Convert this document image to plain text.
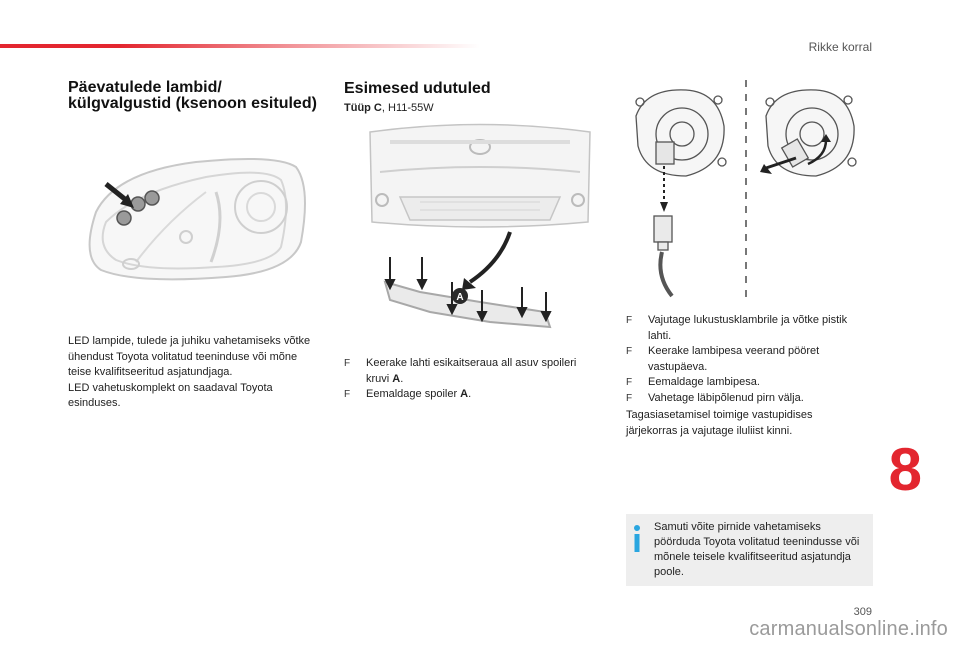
Rikke korral
8
309
Päevatulede lambid/ külgvalgustid (ksenoon esituled)

LED lampide, tulede ja juhiku vahetamiseks võtke ühendust Toyota volitatud teeninduse või mõne teise kvalifitseeritud asjatundjaga.

LED vahetuskomplekt on saadaval Toyota esinduses.

Esimesed udutuled
Tüüp C, H11-55W
A
F Keerake lahti esikaitseraua all asuv spoileri kruvi A.
F Eemaldage spoiler A.
F Vajutage lukustusklambrile ja võtke pistik lahti.
F Keerake lambipesa veerand pööret vastupäeva.
F Eemaldage lambipesa.
F Vahetage läbipõlenud pirn välja.
Tagasiasetamisel toimige vastupidises järjekorras ja vajutage iluliist kinni.
Samuti võite pirnide vahetamiseks pöörduda Toyota volitatud teenindusse või mõnele teisele kvalifitseeritud asjatundja poole.
carmanualsonline.info
